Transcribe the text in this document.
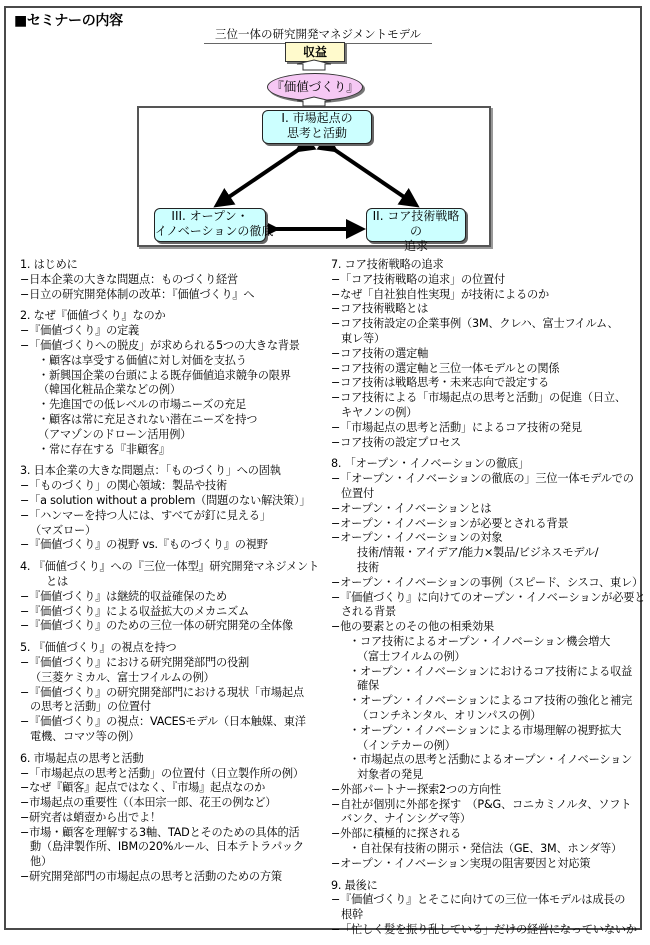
■セミナーの内容
三位一体の研究開発マネジメントモデル
収益
『価値づくり』
I. 市場起点の
思考と活動
II. コア技術戦略の
追求
III. オープン・
イノベーションの徹底
1. はじめに
−日本企業の大きな問題点：ものづくり経営
−日立の研究開発体制の改革：『価値づくり』へ
2. なぜ『価値づくり』なのか
−『価値づくり』の定義
−「価値づくりへの脱皮」が求められる5つの大きな背景
・顧客は享受する価値に対し対価を支払う
・新興国企業の台頭による既存価値追求競争の限界
（韓国化粧品企業などの例）
・先進国での低レベルの市場ニーズの充足
・顧客は常に充足されない潜在ニーズを持つ
（アマゾンのドローン活用例）
・常に存在する『非顧客』
3. 日本企業の大きな問題点：「ものづくり」への固執
−「ものづくり」の関心領域：製品や技術
−「a solution without a problem（問題のない解決策）」
−「ハンマーを持つ人には、すべてが釘に見える」
（マズロー）
−『価値づくり』の視野 vs.『ものづくり』の視野
4. 『価値づくり』への『三位一体型』研究開発マネジメント
とは
−『価値づくり』は継続的収益確保のため
−『価値づくり』による収益拡大のメカニズム
−『価値づくり』のための三位一体の研究開発の全体像
5. 『価値づくり』の視点を持つ
−『価値づくり』における研究開発部門の役割
（三菱ケミカル、富士フイルムの例）
−『価値づくり』の研究開発部門における現状「市場起点
の思考と活動」の位置付
−『価値づくり』の視点：VACESモデル（日本触媒、東洋
電機、コマツ等の例）
6. 市場起点の思考と活動
−「市場起点の思考と活動」の位置付（日立製作所の例）
−なぜ『顧客』起点ではなく、『市場』起点なのか
−市場起点の重要性（（本田宗一郎、花王の例など）
−研究者は蛸壺から出でよ！
−市場・顧客を理解する3軸、TADとそのための具体的活
動（島津製作所、IBMの20%ルール、日本テトラパック
他）
−研究開発部門の市場起点の思考と活動のための方策
7. コア技術戦略の追求
−「コア技術戦略の追求」の位置付
−なぜ「自社独自性実現」が技術によるのか
−コア技術戦略とは
−コア技術設定の企業事例（3M、クレハ、富士フイルム、
東レ等）
−コア技術の選定軸
−コア技術の選定軸と三位一体モデルとの関係
−コア技術は戦略思考・未来志向で設定する
−コア技術による「市場起点の思考と活動」の促進（日立、
キヤノンの例）
−「市場起点の思考と活動」によるコア技術の発見
−コア技術の設定プロセス
8. 「オープン・イノベーションの徹底」
−「オープン・イノベーションの徹底の」三位一体モデルでの
位置付
−オープン・イノベーションとは
−オープン・イノベーションが必要とされる背景
−オープン・イノベーションの対象
技術/情報・アイデア/能力×製品/ビジネスモデル/
技術
−オープン・イノベーションの事例（スピード、シスコ、東レ）
−『価値づくり』に向けてのオープン・イノベーションが必要と
される背景
−他の要素とのその他の相乗効果
・コア技術によるオープン・イノベーション機会増大
（富士フイルムの例）
・オープン・イノベーションにおけるコア技術による収益
確保
・オープン・イノベーションによるコア技術の強化と補完
（コンチネンタル、オリンパスの例）
・オープン・イノベーションによる市場理解の視野拡大
（インテカーの例）
・市場起点の思考と活動によるオープン・イノベーション
対象者の発見
−外部パートナー探索2つの方向性
−自社が個別に外部を探す　（P&G、コニカミノルタ、ソフト
バンク、ナインシグマ等）
−外部に積極的に探される
・自社保有技術の開示・発信法（GE、3M、ホンダ等）
−オープン・イノベーション実現の阻害要因と対応策
9. 最後に
−『価値づくり』とそこに向けての三位一体モデルは成長の
根幹
−「忙しく髪を振り乱している」だけの経営になっていないか
